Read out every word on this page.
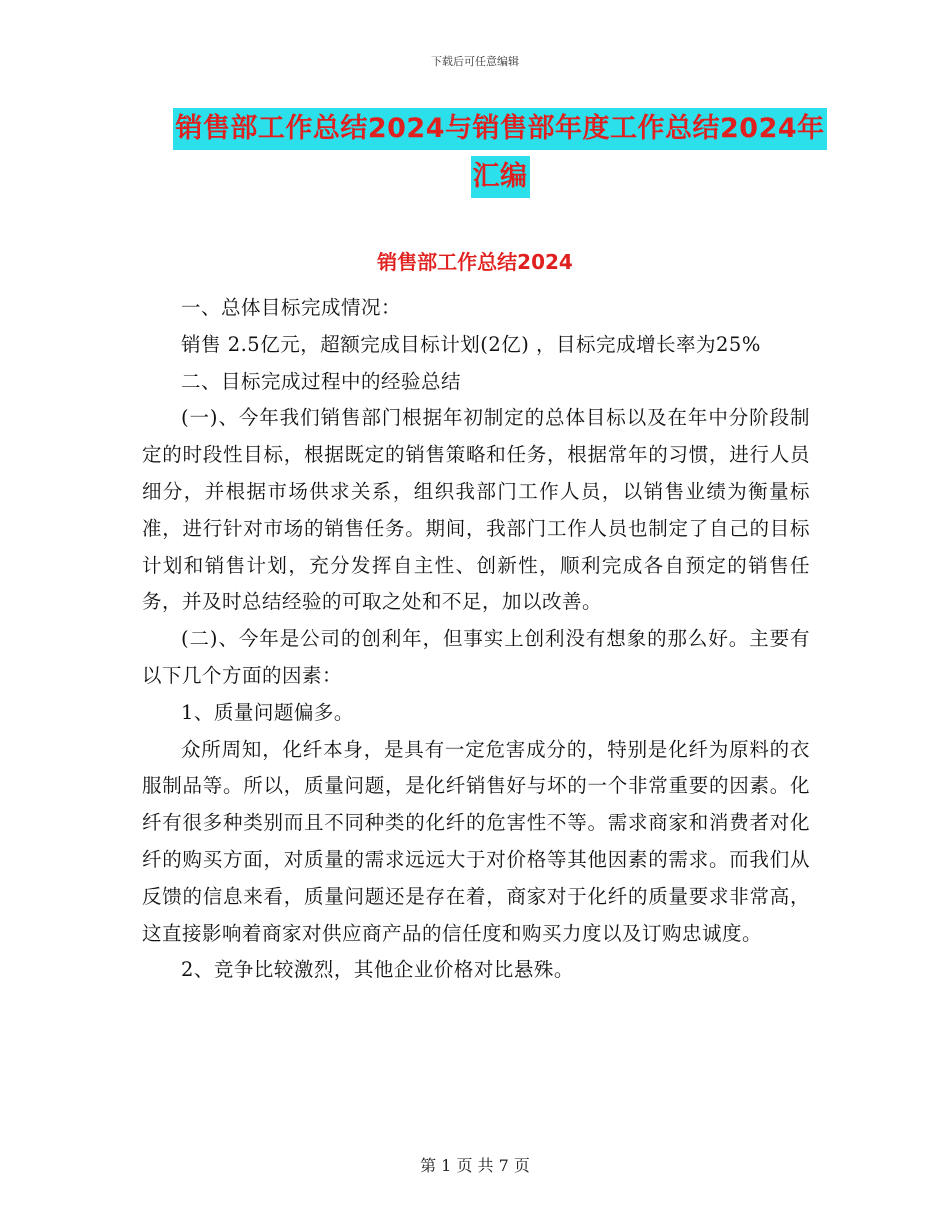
下载后可任意编辑
销售部工作总结2024与销售部年度工作总结2024年
汇编
销售部工作总结2024

一、总体目标完成情况：

销售 2.5亿元，超额完成目标计划(2亿) ，目标完成增长率为25%

二、目标完成过程中的经验总结

(一)、今年我们销售部门根据年初制定的总体目标以及在年中分阶段制定的时段性目标，根据既定的销售策略和任务，根据常年的习惯，进行人员细分，并根据市场供求关系，组织我部门工作人员，以销售业绩为衡量标准，进行针对市场的销售任务。期间，我部门工作人员也制定了自己的目标计划和销售计划，充分发挥自主性、创新性，顺利完成各自预定的销售任务，并及时总结经验的可取之处和不足，加以改善。

(二)、今年是公司的创利年，但事实上创利没有想象的那么好。主要有以下几个方面的因素：

1、质量问题偏多。

众所周知，化纤本身，是具有一定危害成分的，特别是化纤为原料的衣服制品等。所以，质量问题，是化纤销售好与坏的一个非常重要的因素。化纤有很多种类别而且不同种类的化纤的危害性不等。需求商家和消费者对化纤的购买方面，对质量的需求远远大于对价格等其他因素的需求。而我们从反馈的信息来看，质量问题还是存在着，商家对于化纤的质量要求非常高，这直接影响着商家对供应商产品的信任度和购买力度以及订购忠诚度。

2、竞争比较激烈，其他企业价格对比悬殊。

第 1 页 共 7 页
